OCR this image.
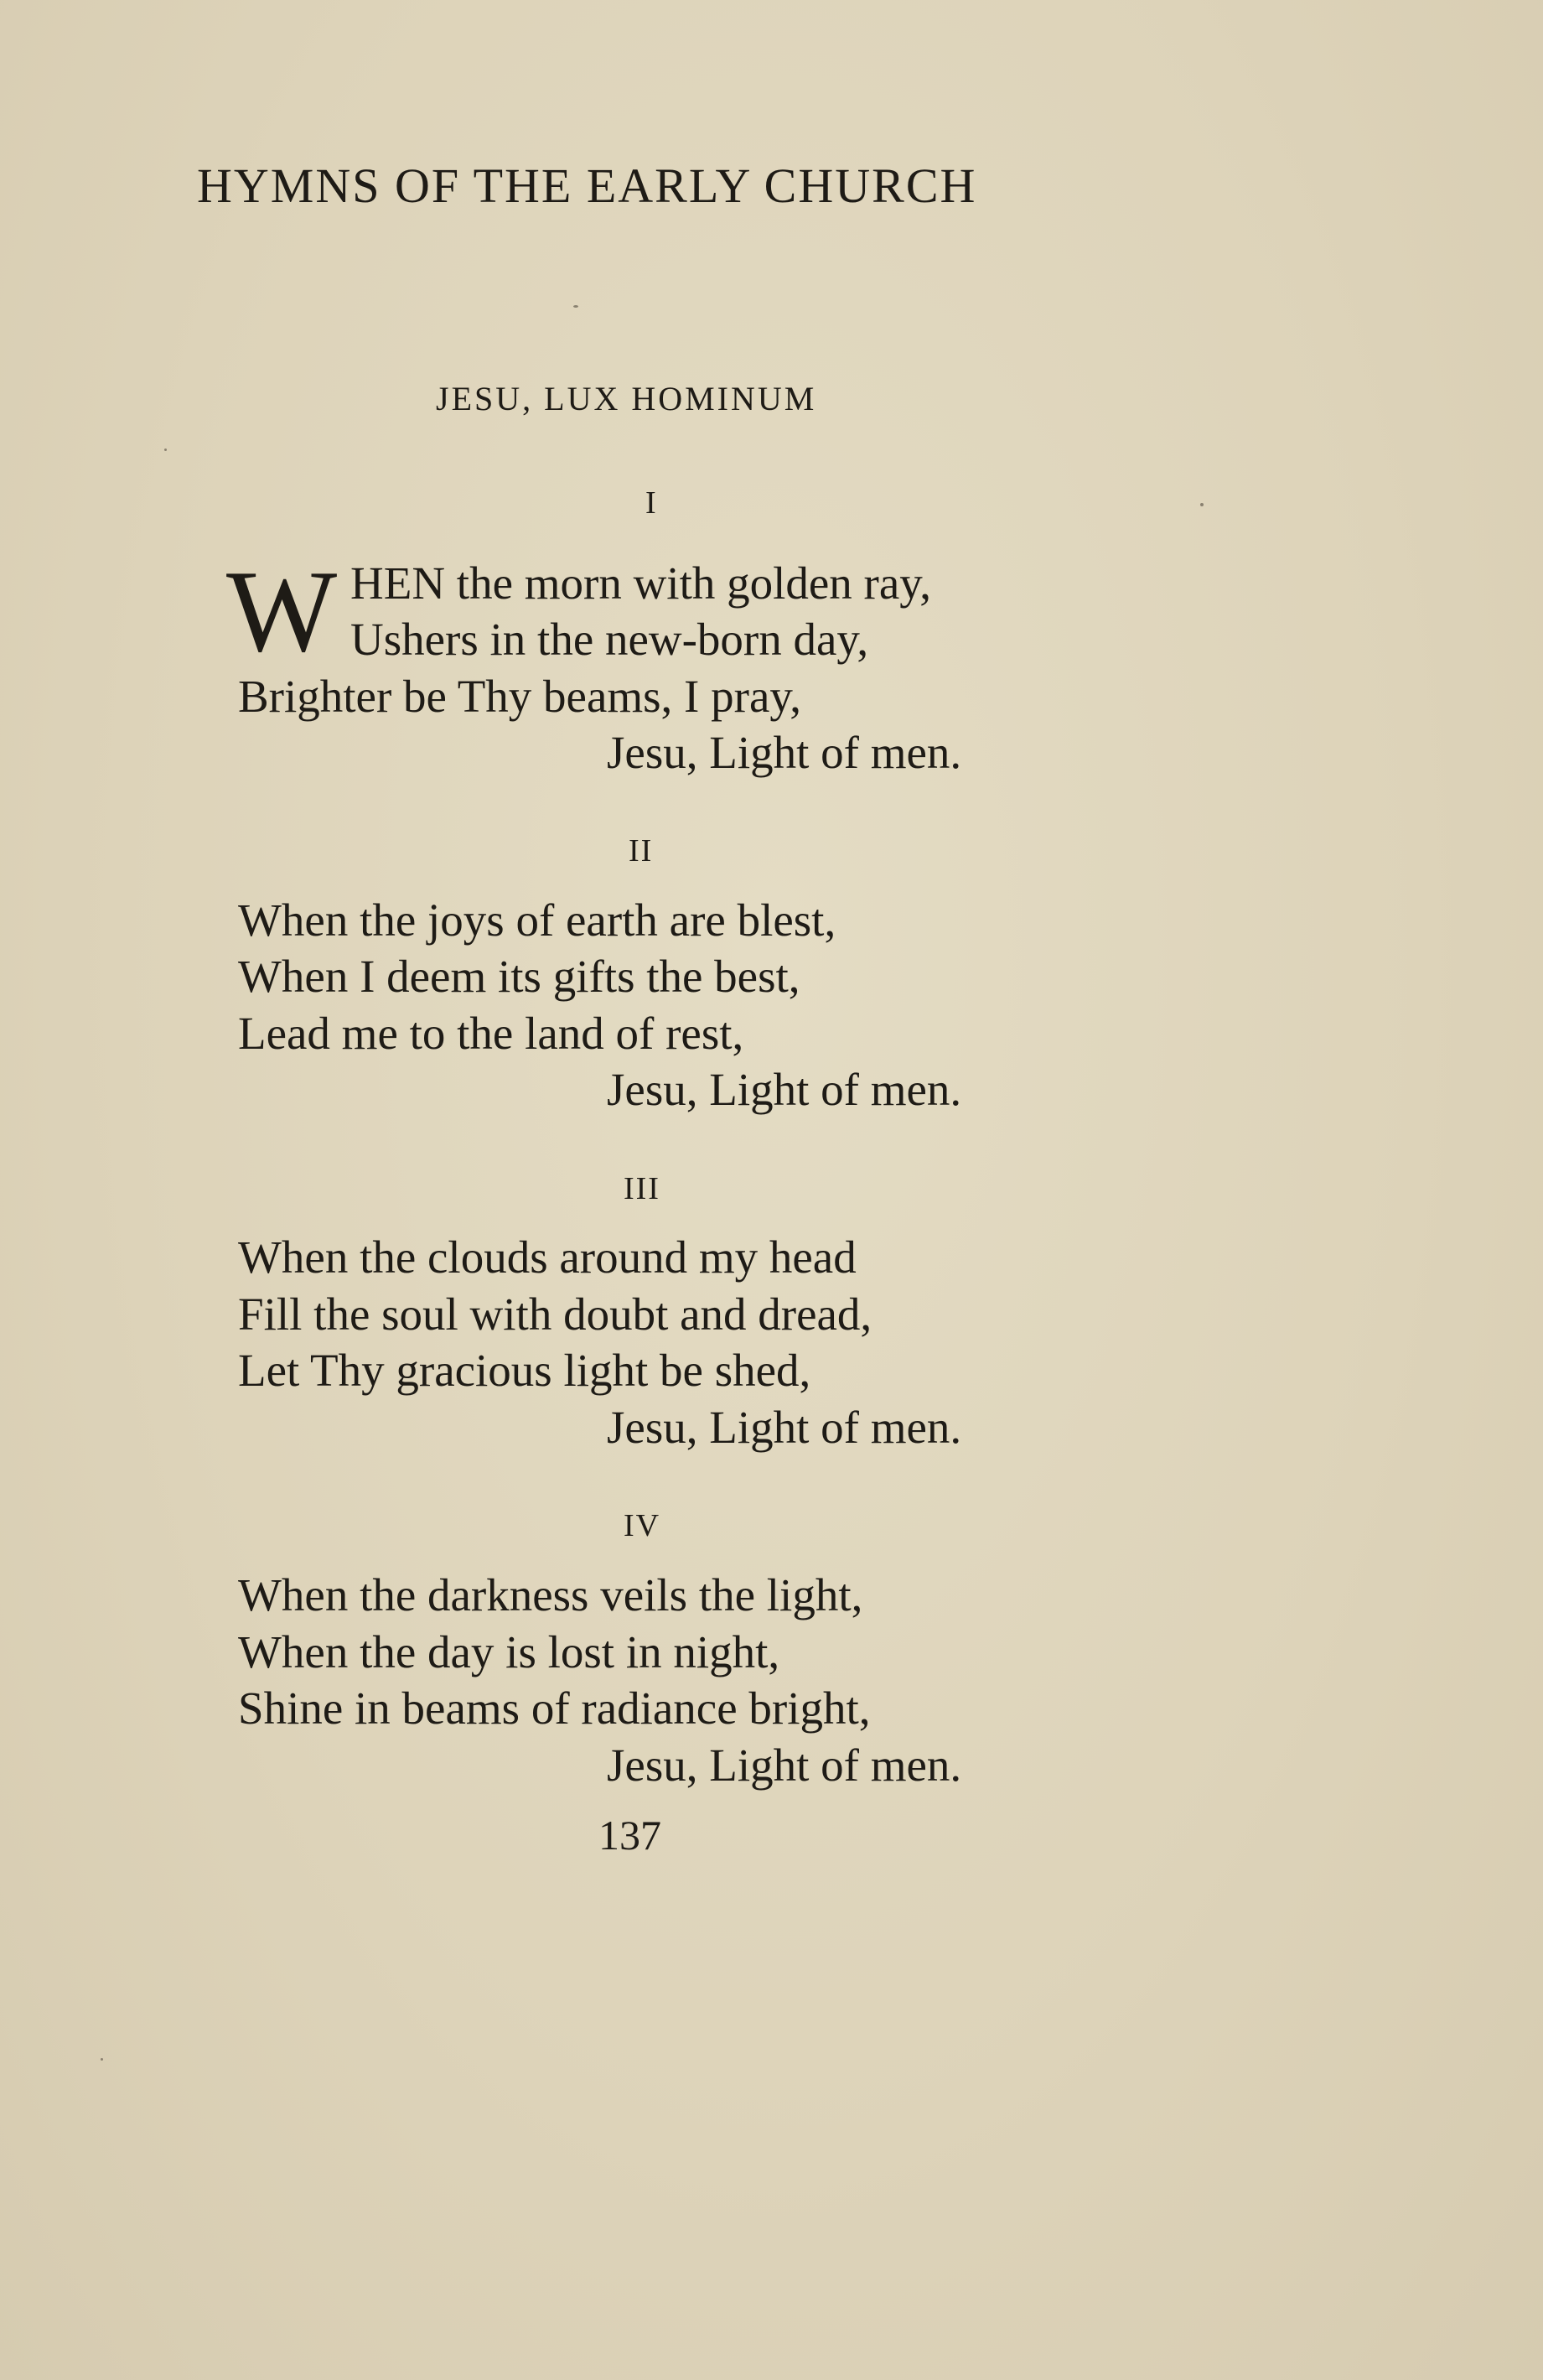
HYMNS OF THE EARLY CHURCH
JESU, LUX HOMINUM
I
W HEN the morn with golden ray,
Ushers in the new-born day,
Brighter be Thy beams, I pray,
Jesu, Light of men.
II
When the joys of earth are blest,
When I deem its gifts the best,
Lead me to the land of rest,
Jesu, Light of men.
III
When the clouds around my head
Fill the soul with doubt and dread,
Let Thy gracious light be shed,
Jesu, Light of men.
IV
When the darkness veils the light,
When the day is lost in night,
Shine in beams of radiance bright,
Jesu, Light of men.
137
